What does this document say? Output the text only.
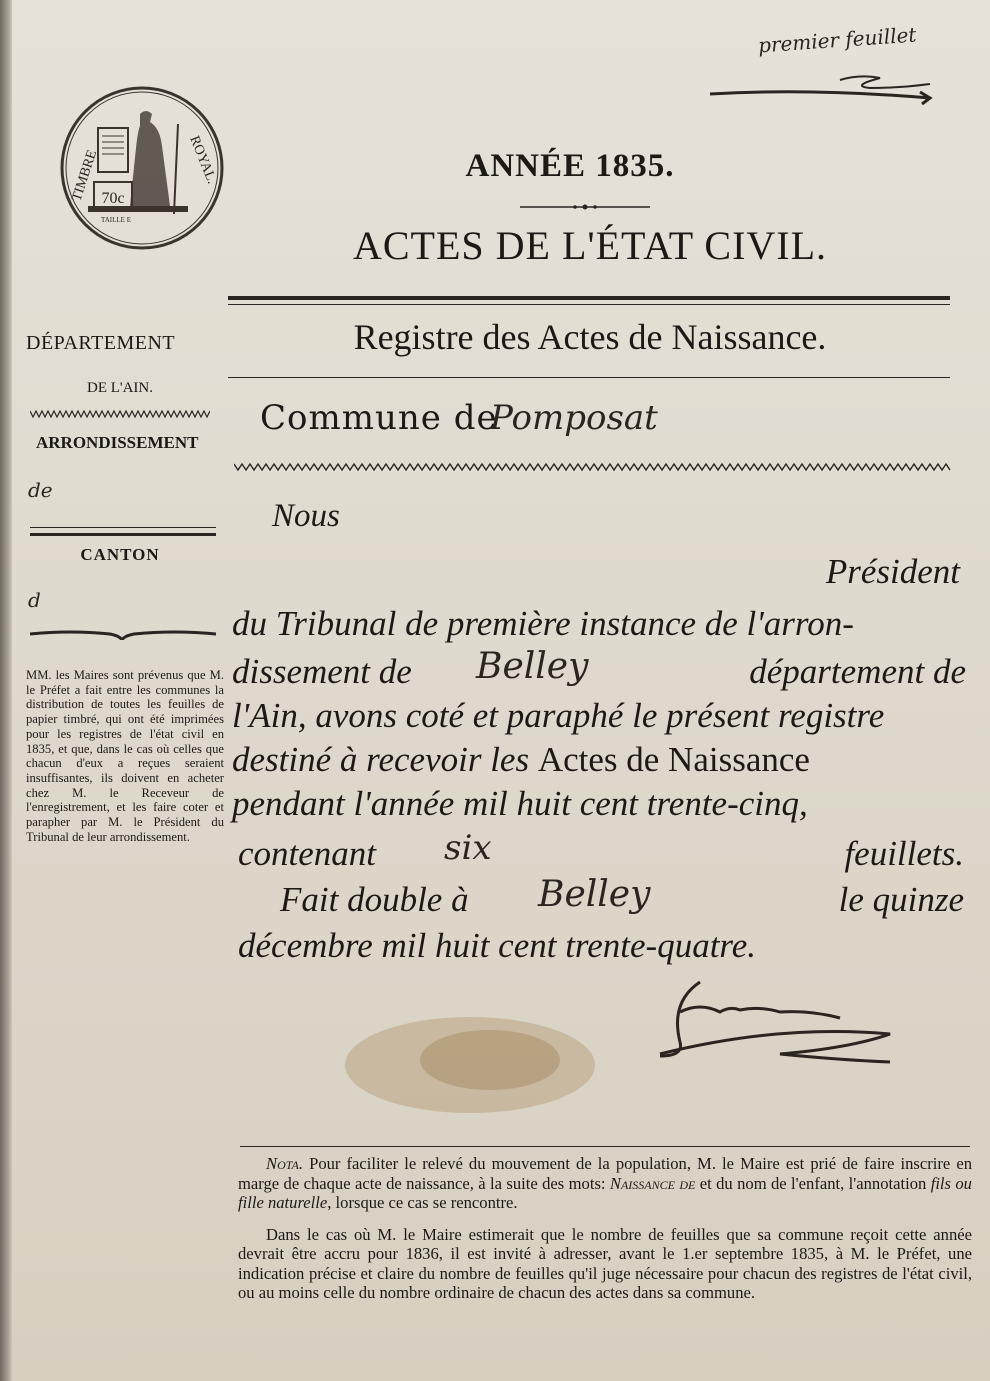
70c
TAILLE E
TIMBRE	ROYAL.
premier feuillet
ANNÉE 1835.
ACTES DE L'ÉTAT CIVIL.
Registre des Actes de Naissance.
Commune de
Pomposat
DÉPARTEMENT
DE L'AIN.
ARRONDISSEMENT
de
CANTON
d
MM. les Maires sont prévenus que M. le Préfet a fait entre les communes la distribution de toutes les feuilles de papier timbré, qui ont été imprimées pour les registres de l'état civil en 1835, et que, dans le cas où celles que chacun d'eux a reçues seraient insuffisantes, ils doivent en acheter chez M. le Receveur de l'enregistrement, et les faire coter et parapher par M. le Président du Tribunal de leur arrondissement.
Nous
Président
du Tribunal de première instance de l'arron-
dissement de Belley	département de
l'Ain, avons coté et paraphé le présent registre
destiné à recevoir les Actes de Naissance
pendant l'année mil huit cent trente-cinq,
contenant six	feuillets.
Fait double à Belley	le quinze
décembre mil huit cent trente-quatre.

Nota. Pour faciliter le relevé du mouvement de la population, M. le Maire est prié de faire inscrire en marge de chaque acte de naissance, à la suite des mots: Naissance de et du nom de l'enfant, l'annotation fils ou fille naturelle, lorsque ce cas se rencontre.

Dans le cas où M. le Maire estimerait que le nombre de feuilles que sa commune reçoit cette année devrait être accru pour 1836, il est invité à adresser, avant le 1.er septembre 1835, à M. le Préfet, une indication précise et claire du nombre de feuilles qu'il juge nécessaire pour chacun des registres de l'état civil, ou au moins celle du nombre ordinaire de chacun des actes dans sa commune.
